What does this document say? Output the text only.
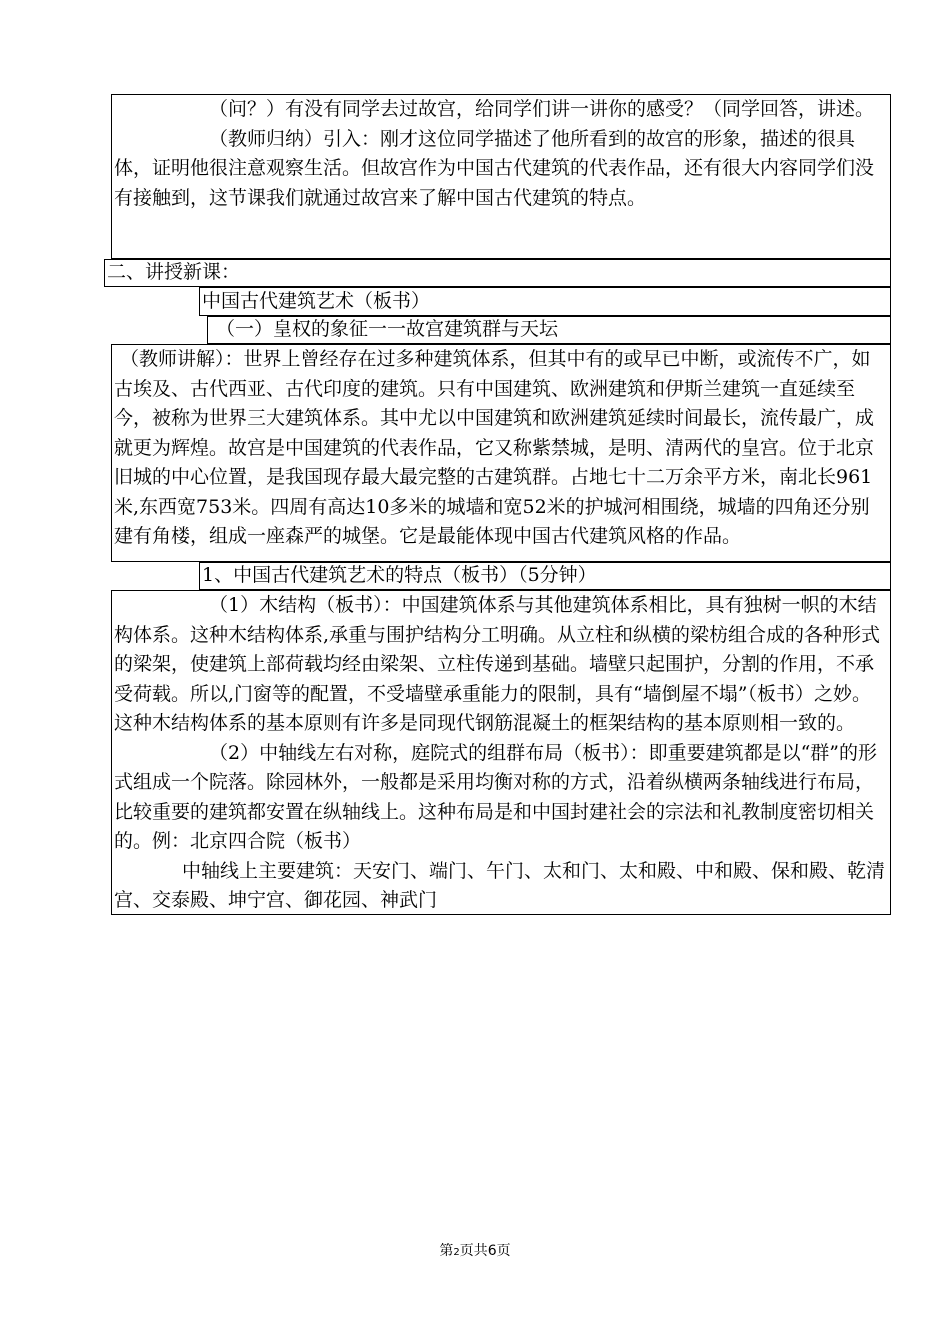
（问？）有没有同学去过故宫，给同学们讲一讲你的感受？（同学回答，讲述。

（教师归纳）引入：刚才这位同学描述了他所看到的故宫的形象，描述的很具体，证明他很注意观察生活。但故宫作为中国古代建筑的代表作品，还有很大内容同学们没有接触到，这节课我们就通过故宫来了解中国古代建筑的特点。

二、讲授新课：
中国古代建筑艺术（板书）
（一）皇权的象征一一故宫建筑群与天坛

（教师讲解）：世界上曾经存在过多种建筑体系，但其中有的或早已中断，或流传不广，如古埃及、古代西亚、古代印度的建筑。只有中国建筑、欧洲建筑和伊斯兰建筑一直延续至今，被称为世界三大建筑体系。其中尤以中国建筑和欧洲建筑延续时间最长，流传最广，成就更为辉煌。故宫是中国建筑的代表作品，它又称紫禁城，是明、清两代的皇宫。位于北京旧城的中心位置，是我国现存最大最完整的古建筑群。占地七十二万余平方米，南北长961米,东西宽753米。四周有高达10多米的城墙和宽52米的护城河相围绕，城墙的四角还分别建有角楼，组成一座森严的城堡。它是最能体现中国古代建筑风格的作品。

1、中国古代建筑艺术的特点（板书）（5分钟）

（1）木结构（板书）：中国建筑体系与其他建筑体系相比，具有独树一帜的木结构体系。这种木结构体系,承重与围护结构分工明确。从立柱和纵横的梁枋组合成的各种形式的梁架，使建筑上部荷载均经由梁架、立柱传递到基础。墙壁只起围护，分割的作用，不承受荷载。所以,门窗等的配置，不受墙壁承重能力的限制，具有“墙倒屋不塌”（板书）之妙。这种木结构体系的基本原则有许多是同现代钢筋混凝土的框架结构的基本原则相一致的。

（2）中轴线左右对称，庭院式的组群布局（板书）：即重要建筑都是以“群”的形式组成一个院落。除园林外，一般都是采用均衡对称的方式，沿着纵横两条轴线进行布局，比较重要的建筑都安置在纵轴线上。这种布局是和中国封建社会的宗法和礼教制度密切相关的。例：北京四合院（板书）

中轴线上主要建筑：天安门、端门、午门、太和门、太和殿、中和殿、保和殿、乾清宫、交泰殿、坤宁宫、御花园、神武门

第2页共6页
